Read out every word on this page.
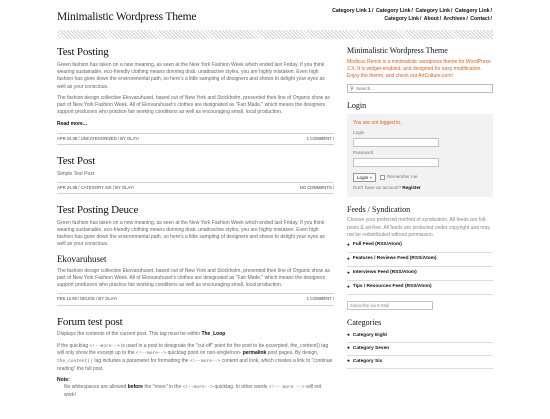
Minimalistic Wordpress Theme	Category Link 1/ Category Link/ Category Link/ Category Link/ Category Link/ About/ Archives/ Contact/
Test Posting

Green fashion has taken on a new meaning, as seen at the New York Fashion Week which ended last Friday. If you think wearing sustainable, eco-friendly clothing means donning drab, unattractive styles, you are highly mistaken. Even high fashion has gone down the environmental path, so here's a little sampling of designers and shows to delight your eyes as well as your conscious.

The fashion design collective Ekovaruhuset, based out of New York and Stockholm, presented their line of Organic show as part of New York Fashion Week. All of Ekovaruhuset's clothes are designated as "Fair Made," which means the designers support producers who practice fair working conditions as well as encouraging small, local production.

Read more...
APR 24.08 / UNCATEGORIZED / BY OLAY!	1 COMMENT /
Test Post

Simple Test Post

APR 24.08 / CATEGORY SIX / BY OLAY!	NO COMMENTS /
Test Posting Deuce

Green fashion has taken on a new meaning, as seen at the New York Fashion Week which ended last Friday. If you think wearing sustainable, eco-friendly clothing means donning drab, unattractive styles, you are highly mistaken. Even high fashion has gone down the environmental path, so here's a little sampling of designers and shows to delight your eyes as well as your conscious.

Ekovaruhuset

The fashion design collective Ekovaruhuset, based out of New York and Stockholm, presented their line of Organic show as part of New York Fashion Week. All of Ekovaruhuset's clothes are designated as "Fair Made," which means the designers support producers who practice fair working conditions as well as encouraging small, local production.

FEB 12.08 / DEUCE / BY OLAY!	1 COMMENT /
Forum test post

Displays the contents of the current post. This tag must be within The_Loop

If the quicktag <!--more--> is used in a post to designate the "cut-off" point for the post to be excerpted, the_content() tag will only show the excerpt up to the <!--more--> quicktag point on non-single/non- permalink post pages. By design, the_content() tag includes a parameter for formatting the <!--more--> content and look, which creates a link to "continue reading" the full post.

Note:

No whitespaces are allowed before the "more" in the <!--more--> quicktag. In other words <!-- more --> will not work!

Minimalistic Wordpress Theme

Modicus Remix is a minimalistic wordpress theme for WordPress 2.X. It is widget-enabled, and designed for easy modification. Enjoy the theme, and check out ArtCulture.com!

⚲
Search...
Login
You are not logged in.
Login
Password
Login »	Remember me
Don't have an account? Register
Feeds / Syndication

Choose your preferred method of syndication. All feeds are full-posts & ad-free. All feeds are protected under copyright and may not be redistributed without permission.

● Full Feed (RSS/Atom)
● Features / Reviews Feed (RSS/Atom)
● Interviews Feed (RSS/Atom)
● Tips / Resources Feed (RSS/Atom)
Subscribe via E-Mail
Categories
● Category Eight
● Category Seven
● Category Six
